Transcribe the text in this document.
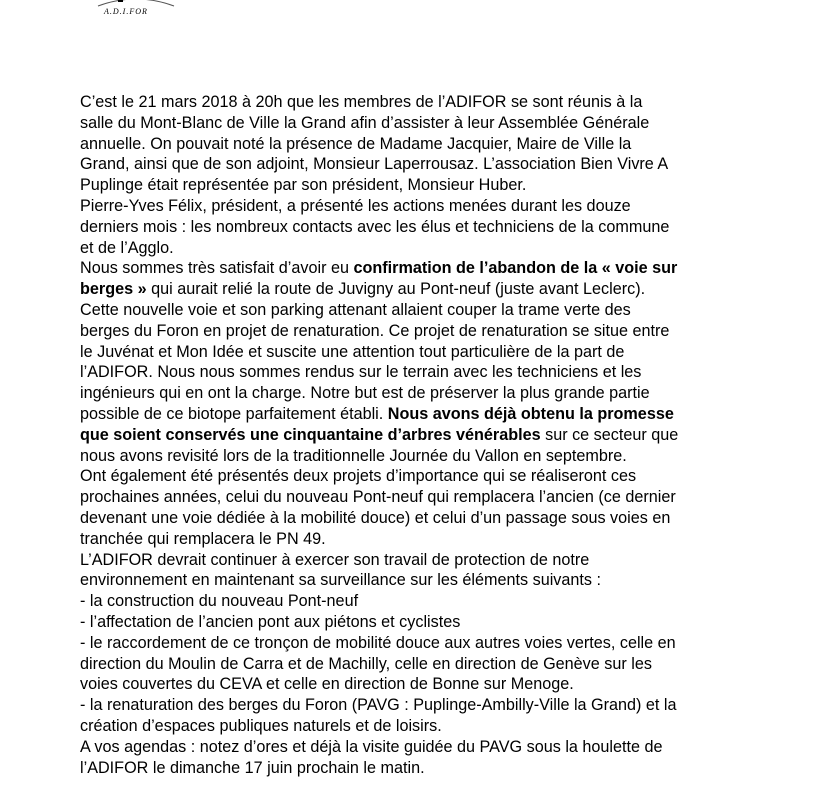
A.D.I.FOR
C’est le 21 mars 2018 à 20h que les membres de l’ADIFOR se sont réunis à la
salle du Mont-Blanc de Ville la Grand afin d’assister à leur Assemblée Générale
annuelle. On pouvait noté la présence de Madame Jacquier, Maire de Ville la
Grand, ainsi que de son adjoint, Monsieur Laperrousaz. L’association Bien Vivre A
Puplinge était représentée par son président, Monsieur Huber.
Pierre-Yves Félix, président, a présenté les actions menées durant les douze
derniers mois : les nombreux contacts avec les élus et techniciens de la commune
et de l’Agglo.
Nous sommes très satisfait d’avoir eu confirmation de l’abandon de la « voie sur
berges » qui aurait relié la route de Juvigny au Pont-neuf (juste avant Leclerc).
Cette nouvelle voie et son parking attenant allaient couper la trame verte des
berges du Foron en projet de renaturation. Ce projet de renaturation se situe entre
le Juvénat et Mon Idée et suscite une attention tout particulière de la part de
l’ADIFOR. Nous nous sommes rendus sur le terrain avec les techniciens et les
ingénieurs qui en ont la charge. Notre but est de préserver la plus grande partie
possible de ce biotope parfaitement établi. Nous avons déjà obtenu la promesse
que soient conservés une cinquantaine d’arbres vénérables sur ce secteur que
nous avons revisité lors de la traditionnelle Journée du Vallon en septembre.
Ont également été présentés deux projets d’importance qui se réaliseront ces
prochaines années, celui du nouveau Pont-neuf qui remplacera l’ancien (ce dernier
devenant une voie dédiée à la mobilité douce) et celui d’un passage sous voies en
tranchée qui remplacera le PN 49.
L’ADIFOR devrait continuer à exercer son travail de protection de notre
environnement en maintenant sa surveillance sur les éléments suivants :
- la construction du nouveau Pont-neuf
- l’affectation de l’ancien pont aux piétons et cyclistes
- le raccordement de ce tronçon de mobilité douce aux autres voies vertes, celle en
direction du Moulin de Carra et de Machilly, celle en direction de Genève sur les
voies couvertes du CEVA et celle en direction de Bonne sur Menoge.
- la renaturation des berges du Foron (PAVG : Puplinge-Ambilly-Ville la Grand) et la
création d’espaces publiques naturels et de loisirs.
A vos agendas : notez d’ores et déjà la visite guidée du PAVG sous la houlette de
l’ADIFOR le dimanche 17 juin prochain le matin.
